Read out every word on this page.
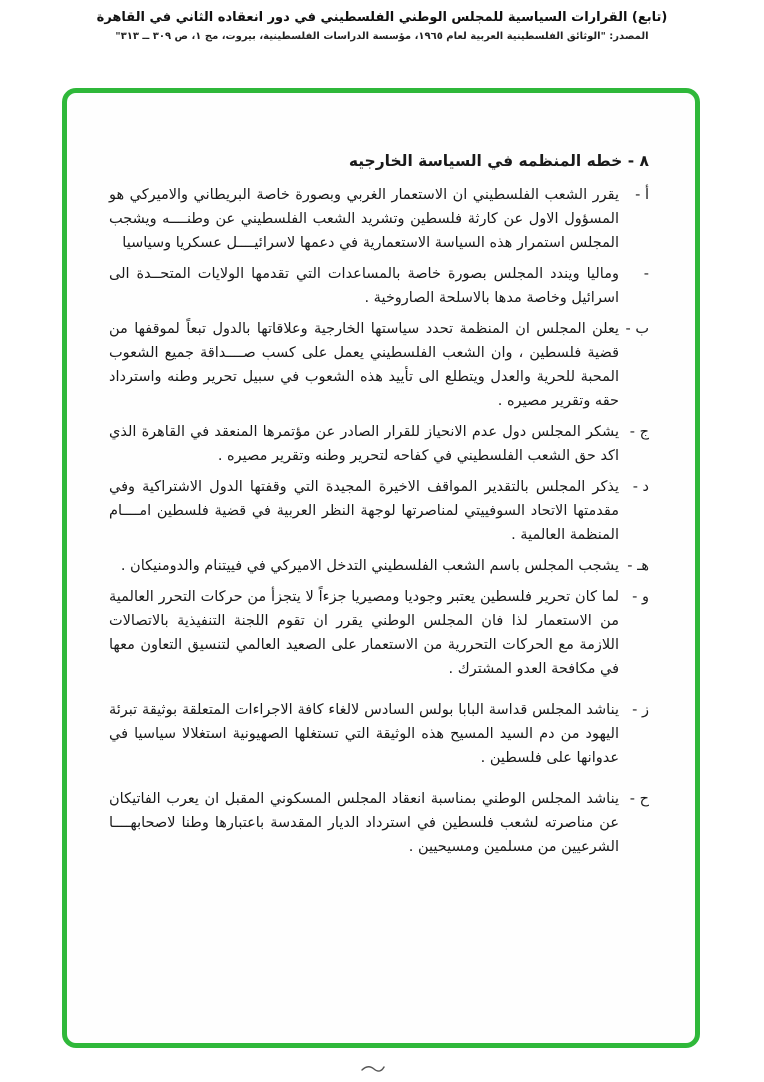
(تابع) القرارات السياسية للمجلس الوطني الفلسطيني في دور انعقاده الثاني في القاهرة
المصدر: "الوثائق الفلسطينية العربية لعام ١٩٦٥، مؤسسة الدراسات الفلسطينية، بيروت، مج ١، ص ٣٠٩ ــ ٣١٣"
٨ - خطه المنظمه في السياسة الخارجيه
أ -
يقرر الشعب الفلسطيني ان الاستعمار الغربي وبصورة خاصة البريطاني والاميركي هو المسؤول الاول عن كارثة فلسطين وتشريد الشعب الفلسطيني عن وطنــــه ويشجب المجلس استمرار هذه السياسة الاستعمارية في دعمها لاسرائيــــل عسكريا وسياسيا
-
وماليا ويندد المجلس بصورة خاصة بالمساعدات التي تقدمها الولايات المتحــدة الى اسرائيل وخاصة مدها بالاسلحة الصاروخية .
ب -
يعلن المجلس ان المنظمة تحدد سياستها الخارجية وعلاقاتها بالدول تبعاً لموقفها من قضية فلسطين ، وان الشعب الفلسطيني يعمل على كسب صــــداقة جميع الشعوب المحبة للحرية والعدل ويتطلع الى تأييد هذه الشعوب في سبيل تحرير وطنه واسترداد حقه وتقرير مصيره .
ج -
يشكر المجلس دول عدم الانحياز للقرار الصادر عن مؤتمرها المنعقد في القاهرة الذي اكد حق الشعب الفلسطيني في كفاحه لتحرير وطنه وتقرير مصيره .
د -
يذكر المجلس بالتقدير المواقف الاخيرة المجيدة التي وقفتها الدول الاشتراكية وفي مقدمتها الاتحاد السوفييتي لمناصرتها لوجهة النظر العربية في قضية فلسطين امــــام المنظمة العالمية .
هـ -
يشجب المجلس باسم الشعب الفلسطيني التدخل الاميركي في فييتنام والدومنيكان .
و -
لما كان تحرير فلسطين يعتبر وجوديا ومصيريا جزءاً لا يتجزأ من حركات التحرر العالمية من الاستعمار لذا فان المجلس الوطني يقرر ان تقوم اللجنة التنفيذية بالاتصالات اللازمة مع الحركات التحررية من الاستعمار على الصعيد العالمي لتنسيق التعاون معها في مكافحة العدو المشترك .
ز -
يناشد المجلس قداسة البابا بولس السادس لالغاء كافة الاجراءات المتعلقة بوثيقة تبرئة اليهود من دم السيد المسيح هذه الوثيقة التي تستغلها الصهيونية استغلالا سياسيا في عدوانها على فلسطين .
ح -
يناشد المجلس الوطني بمناسبة انعقاد المجلس المسكوني المقبل ان يعرب الفاتيكان عن مناصرته لشعب فلسطين في استرداد الديار المقدسة باعتبارها وطنا لاصحابهــــا الشرعيين من مسلمين ومسيحيين .
